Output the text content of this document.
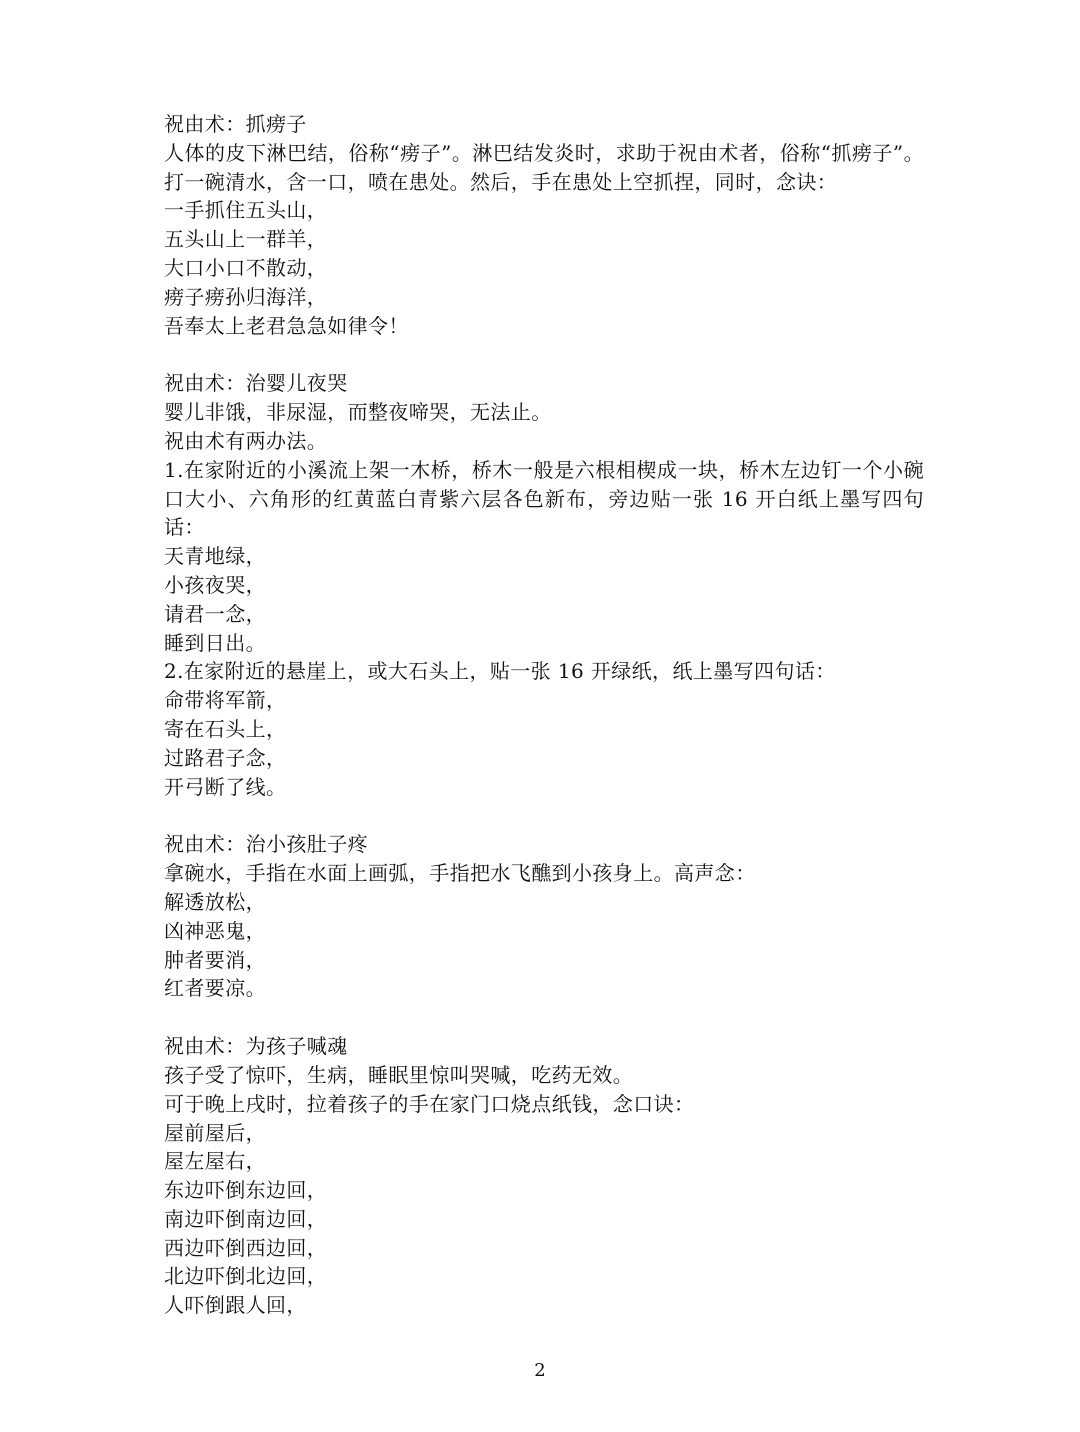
祝由术：抓痨子

人体的皮下淋巴结，俗称“痨子”。淋巴结发炎时，求助于祝由术者，俗称“抓痨子”。打一碗清水，含一口，喷在患处。然后，手在患处上空抓捏，同时，念诀：

一手抓住五头山，
五头山上一群羊，
大口小口不散动，
痨子痨孙归海洋，
吾奉太上老君急急如律令！
祝由术：治婴儿夜哭
婴儿非饿，非尿湿，而整夜啼哭，无法止。
祝由术有两办法。

1.在家附近的小溪流上架一木桥，桥木一般是六根相楔成一块，桥木左边钉一个小碗口大小、六角形的红黄蓝白青紫六层各色新布，旁边贴一张 16 开白纸上墨写四句话：

天青地绿，
小孩夜哭，
请君一念，
睡到日出。
2.在家附近的悬崖上，或大石头上，贴一张 16 开绿纸，纸上墨写四句话：
命带将军箭，
寄在石头上，
过路君子念，
开弓断了线。
祝由术：治小孩肚子疼
拿碗水，手指在水面上画弧，手指把水飞醮到小孩身上。高声念：
解透放松，
凶神恶鬼，
肿者要消，
红者要凉。
祝由术：为孩子喊魂
孩子受了惊吓，生病，睡眠里惊叫哭喊，吃药无效。
可于晚上戌时，拉着孩子的手在家门口烧点纸钱，念口诀：
屋前屋后，
屋左屋右，
东边吓倒东边回，
南边吓倒南边回，
西边吓倒西边回，
北边吓倒北边回，
人吓倒跟人回，
2
